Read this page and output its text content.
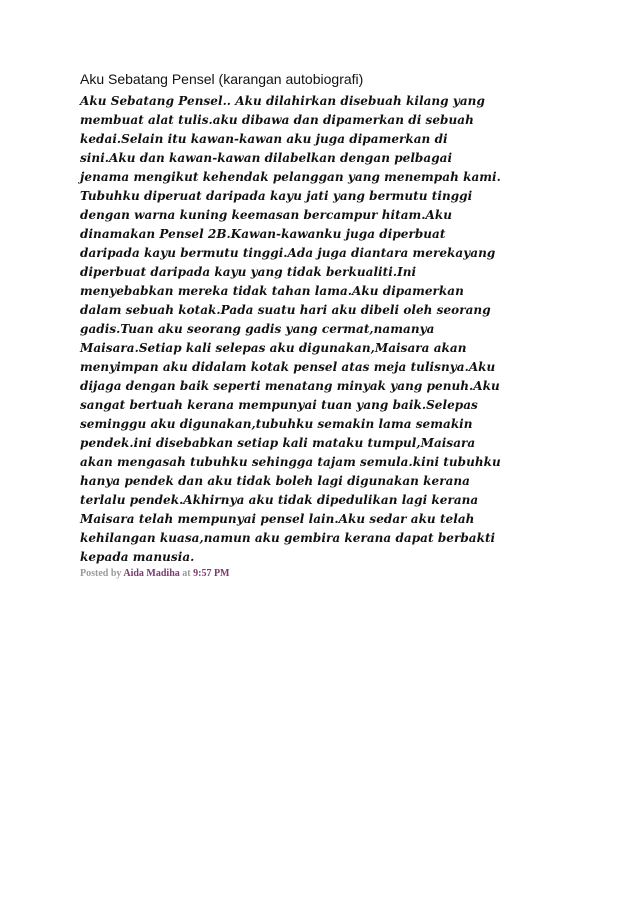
Aku Sebatang Pensel (karangan autobiografi)
Aku Sebatang Pensel.. Aku dilahirkan disebuah kilang yang
membuat alat tulis.aku dibawa dan dipamerkan di sebuah
kedai.Selain itu kawan-kawan aku juga dipamerkan di
sini.Aku dan kawan-kawan dilabelkan dengan pelbagai
jenama mengikut kehendak pelanggan yang menempah kami.
Tubuhku diperuat daripada kayu jati yang bermutu tinggi
dengan warna kuning keemasan bercampur hitam.Aku
dinamakan Pensel 2B.Kawan-kawanku juga diperbuat
daripada kayu bermutu tinggi.Ada juga diantara merekayang
diperbuat daripada kayu yang tidak berkualiti.Ini
menyebabkan mereka tidak tahan lama.Aku dipamerkan
dalam sebuah kotak.Pada suatu hari aku dibeli oleh seorang
gadis.Tuan aku seorang gadis yang cermat,namanya
Maisara.Setiap kali selepas aku digunakan,Maisara akan
menyimpan aku didalam kotak pensel atas meja tulisnya.Aku
dijaga dengan baik seperti menatang minyak yang penuh.Aku
sangat bertuah kerana mempunyai tuan yang baik.Selepas
seminggu aku digunakan,tubuhku semakin lama semakin
pendek.ini disebabkan setiap kali mataku tumpul,Maisara
akan mengasah tubuhku sehingga tajam semula.kini tubuhku
hanya pendek dan aku tidak boleh lagi digunakan kerana
terlalu pendek.Akhirnya aku tidak dipedulikan lagi kerana
Maisara telah mempunyai pensel lain.Aku sedar aku telah
kehilangan kuasa,namun aku gembira kerana dapat berbakti
kepada manusia.
Posted by Aida Madiha at 9:57 PM
